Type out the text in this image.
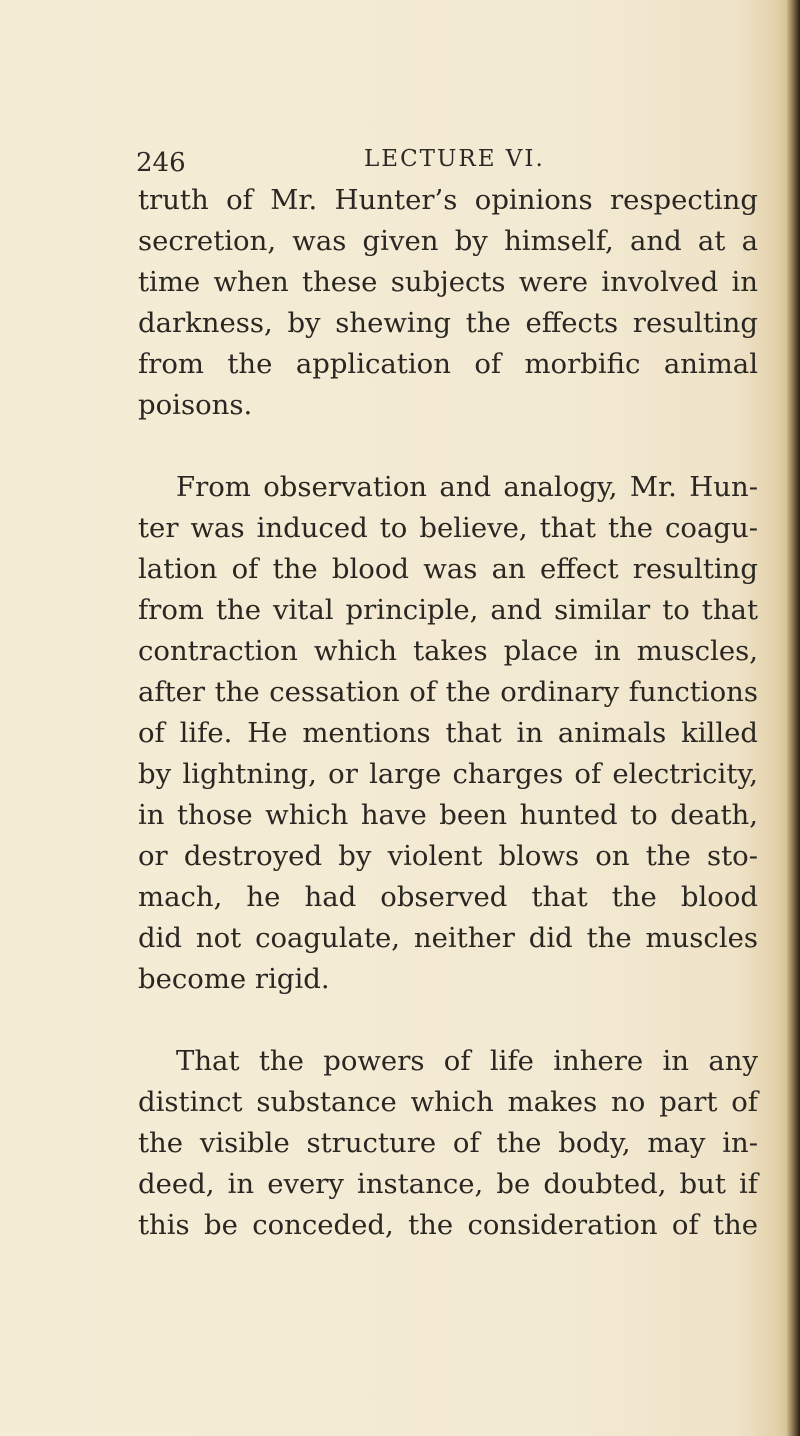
246	LECTURE VI.
truth of Mr. Hunter’s opinions respecting
secretion, was given by himself, and at a
time when these subjects were involved in
darkness, by shewing the effects resulting
from the application of morbific animal
poisons.
From observation and analogy, Mr. Hun-
ter was induced to believe, that the coagu-
lation of the blood was an effect resulting
from the vital principle, and similar to that
contraction which takes place in muscles,
after the cessation of the ordinary functions
of life. He mentions that in animals killed
by lightning, or large charges of electricity,
in those which have been hunted to death,
or destroyed by violent blows on the sto-
mach, he had observed that the blood
did not coagulate, neither did the muscles
become rigid.
That the powers of life inhere in any
distinct substance which makes no part of
the visible structure of the body, may in-
deed, in every instance, be doubted, but if
this be conceded, the consideration of the
